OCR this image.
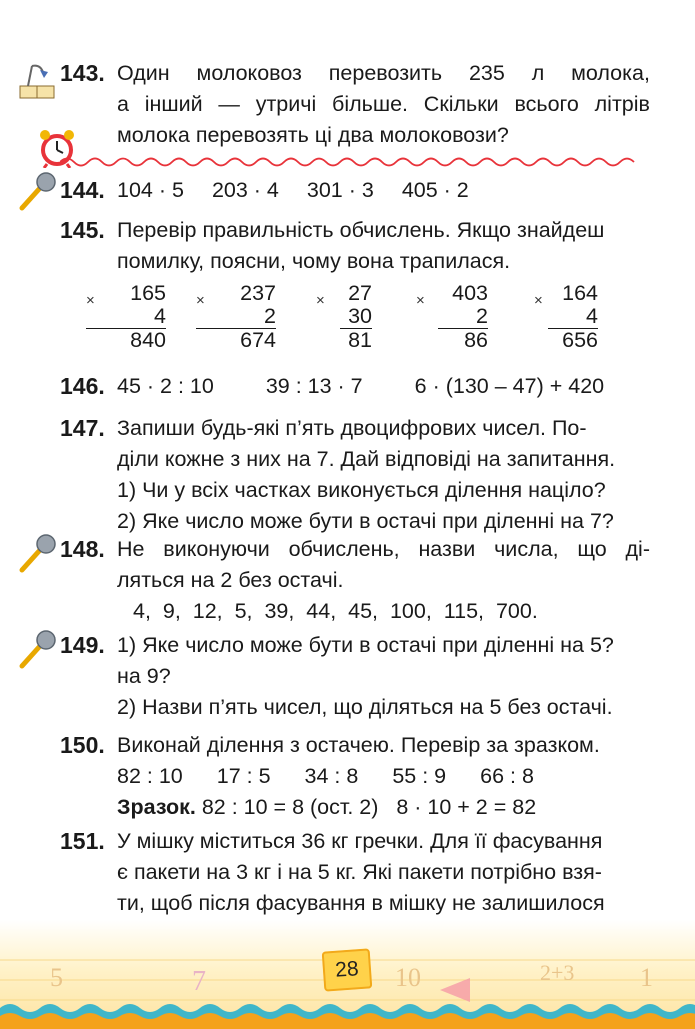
143. Один молоковоз перевозить 235 л молока,
а інший — утричі більше. Скільки всього літрів
молока перевозять ці два молоковози?
144. 104 · 5 203 · 4 301 · 3 405 · 2
145. Перевір правильність обчислень. Якщо знайдеш
помилку, поясни, чому вона трапилася.
×	165
4
840
×	237
2
674
×	27
30
81
×	403
2
86
× 164
4
656
146. 45 · 2 : 10 39 : 13 · 7 6 · (130 – 47) + 420
147. Запиши будь-які п’ять двоцифрових чисел. По-
діли кожне з них на 7. Дай відповіді на запитання.
1) Чи у всіх частках виконується ділення націло?
2) Яке число може бути в остачі при діленні на 7?
148. Не виконуючи обчислень, назви числа, що ді-
ляться на 2 без остачі.
4,  9,  12,  5,  39,  44,  45,  100,  115,  700.
149. 1) Яке число може бути в остачі при діленні на 5?
на 9?
2) Назви п’ять чисел, що діляться на 5 без остачі.
150. Виконай ділення з остачею. Перевір за зразком.
82 : 10 17 : 5 34 : 8 55 : 9 66 : 8
Зразок. 82 : 10 = 8 (ост. 2)   8 · 10 + 2 = 82
151. У мішку міститься 36 кг гречки. Для її фасування
є пакети на 3 кг і на 5 кг. Які пакети потрібно взя-
ти, щоб після фасування в мішку не залишилося
5	7	10	2+3	1
28
